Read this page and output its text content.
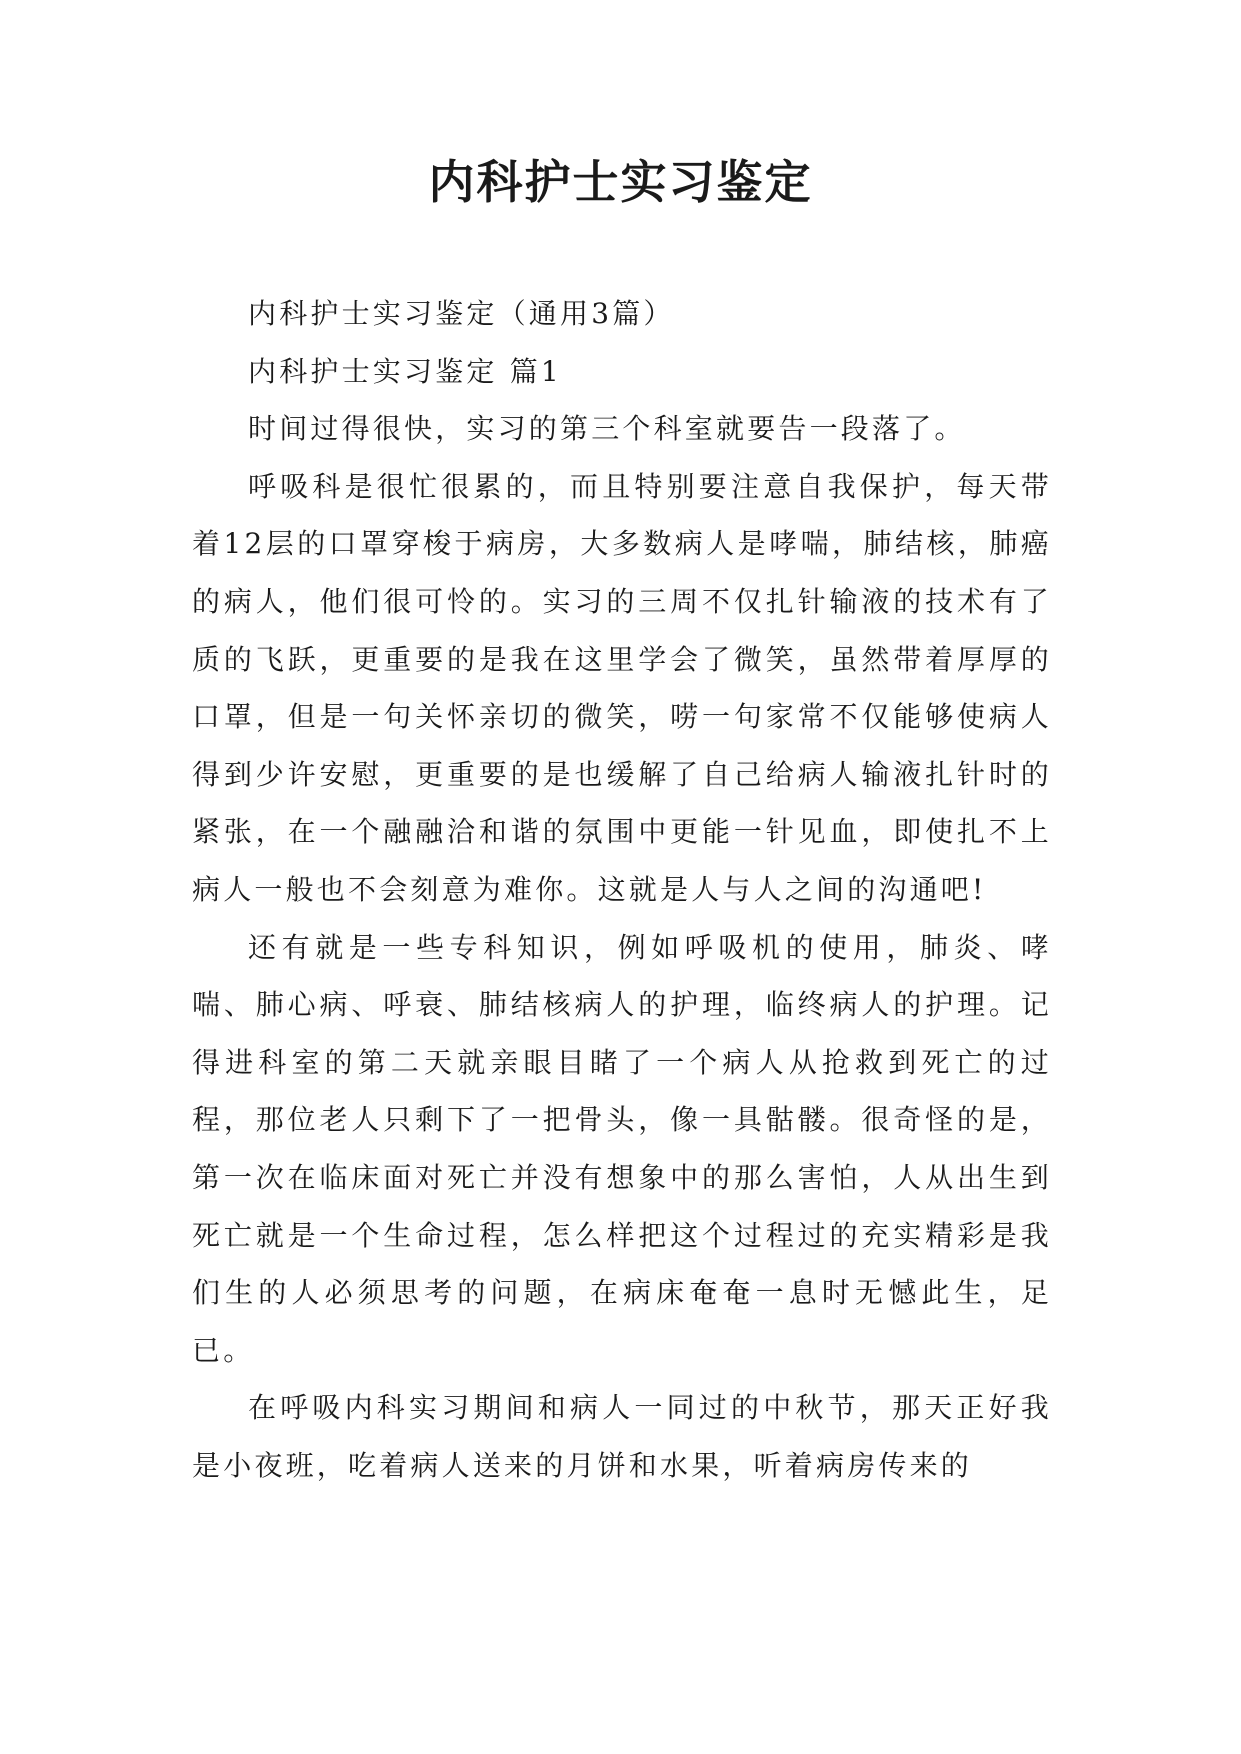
内科护士实习鉴定

内科护士实习鉴定（通用3篇）

内科护士实习鉴定 篇1

时间过得很快，实习的第三个科室就要告一段落了。

呼吸科是很忙很累的，而且特别要注意自我保护，每天带着12层的口罩穿梭于病房，大多数病人是哮喘，肺结核，肺癌的病人，他们很可怜的。实习的三周不仅扎针输液的技术有了质的飞跃，更重要的是我在这里学会了微笑，虽然带着厚厚的口罩，但是一句关怀亲切的微笑，唠一句家常不仅能够使病人得到少许安慰，更重要的是也缓解了自己给病人输液扎针时的紧张，在一个融融洽和谐的氛围中更能一针见血，即使扎不上病人一般也不会刻意为难你。这就是人与人之间的沟通吧!

还有就是一些专科知识，例如呼吸机的使用，肺炎、哮喘、肺心病、呼衰、肺结核病人的护理，临终病人的护理。记得进科室的第二天就亲眼目睹了一个病人从抢救到死亡的过程，那位老人只剩下了一把骨头，像一具骷髅。很奇怪的是，第一次在临床面对死亡并没有想象中的那么害怕，人从出生到死亡就是一个生命过程，怎么样把这个过程过的充实精彩是我们生的人必须思考的问题，在病床奄奄一息时无憾此生，足已。

在呼吸内科实习期间和病人一同过的中秋节，那天正好我是小夜班，吃着病人送来的月饼和水果，听着病房传来的
